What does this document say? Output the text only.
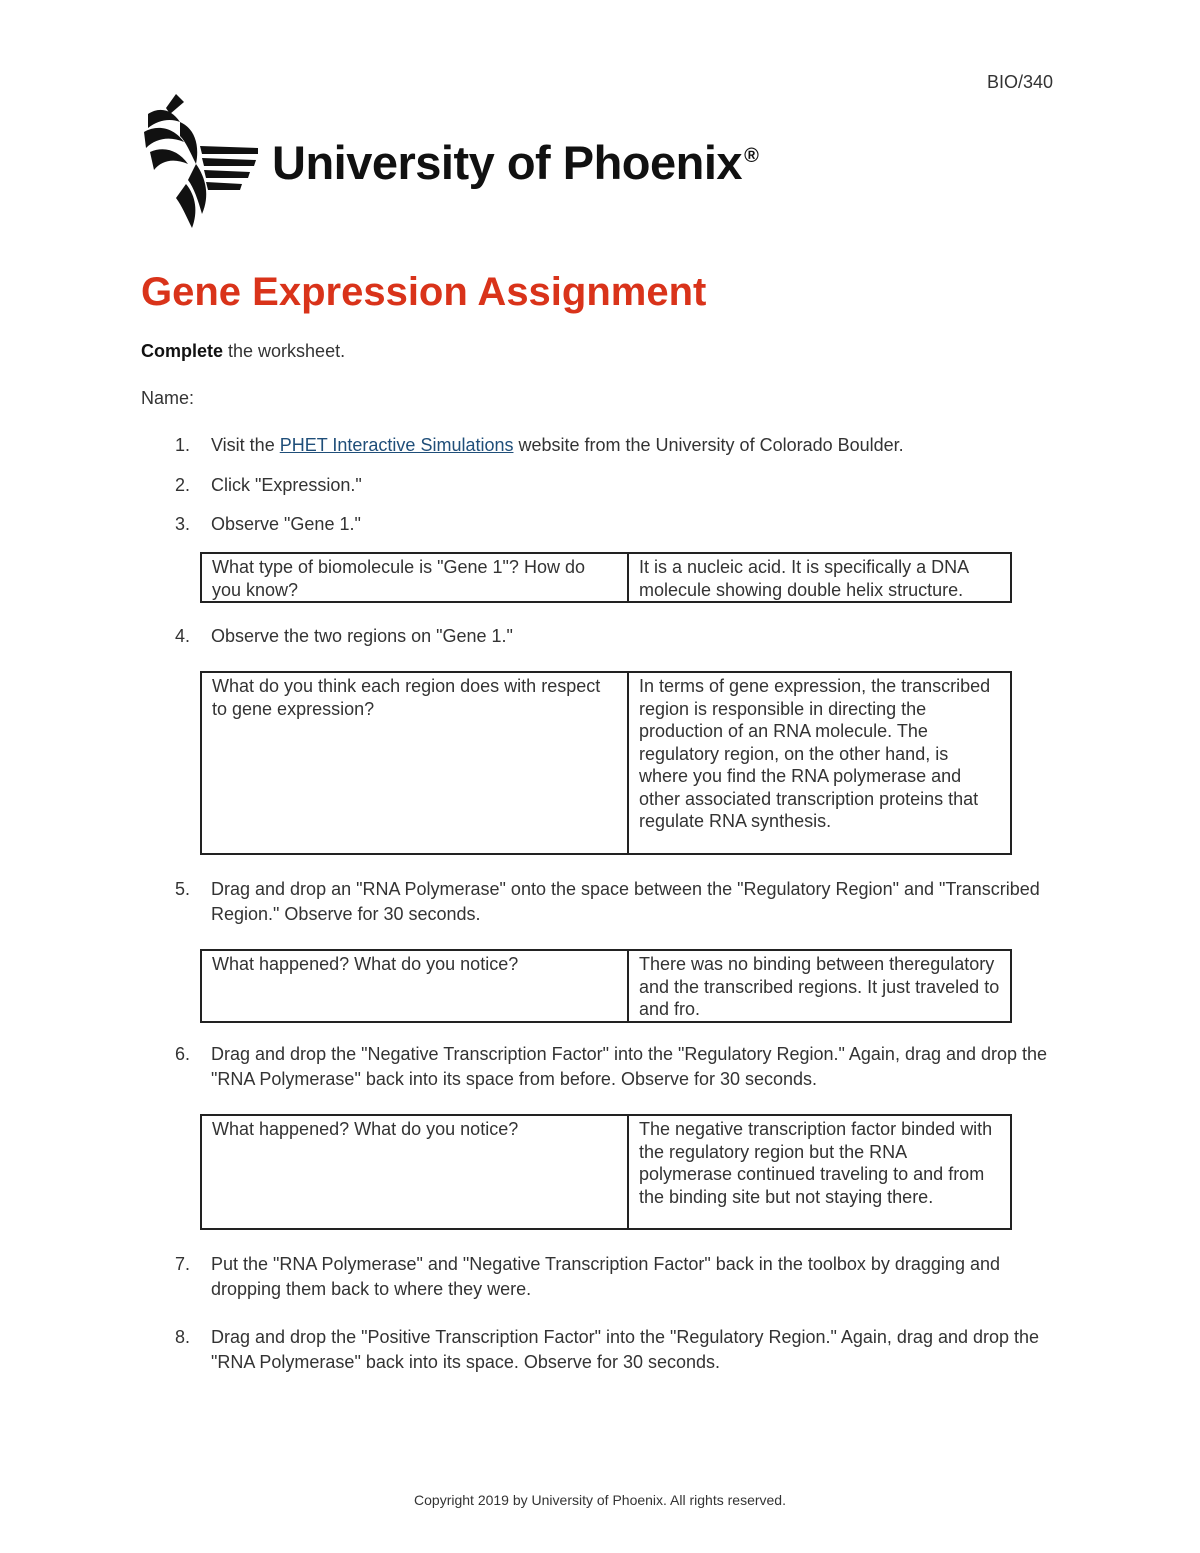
BIO/340
University of Phoenix ®
Gene Expression Assignment
Complete the worksheet.
Name:
1.	Visit the PHET Interactive Simulations website from the University of Colorado Boulder.
2.	Click "Expression."
3.	Observe "Gene 1."
What type of biomolecule is "Gene 1"? How do you know?	It is a nucleic acid. It is specifically a DNA molecule showing double helix structure.
4.	Observe the two regions on "Gene 1."
What do you think each region does with respect to gene expression?	In terms of gene expression, the transcribed region is responsible in directing the production of an RNA molecule. The regulatory region, on the other hand, is where you find the RNA polymerase and other associated transcription proteins that regulate RNA synthesis.
5.	Drag and drop an "RNA Polymerase" onto the space between the "Regulatory Region" and "Transcribed Region." Observe for 30 seconds.
What happened? What do you notice?	There was no binding between theregulatory and the transcribed regions. It just traveled to and fro.
6.	Drag and drop the "Negative Transcription Factor" into the "Regulatory Region." Again, drag and drop the "RNA Polymerase" back into its space from before. Observe for 30 seconds.
What happened? What do you notice?	The negative transcription factor binded with the regulatory region but the RNA polymerase continued traveling to and from the binding site but not staying there.
7.	Put the "RNA Polymerase" and "Negative Transcription Factor" back in the toolbox by dragging and dropping them back to where they were.
8.	Drag and drop the "Positive Transcription Factor" into the "Regulatory Region." Again, drag and drop the "RNA Polymerase" back into its space. Observe for 30 seconds.
Copyright 2019 by University of Phoenix. All rights reserved.
